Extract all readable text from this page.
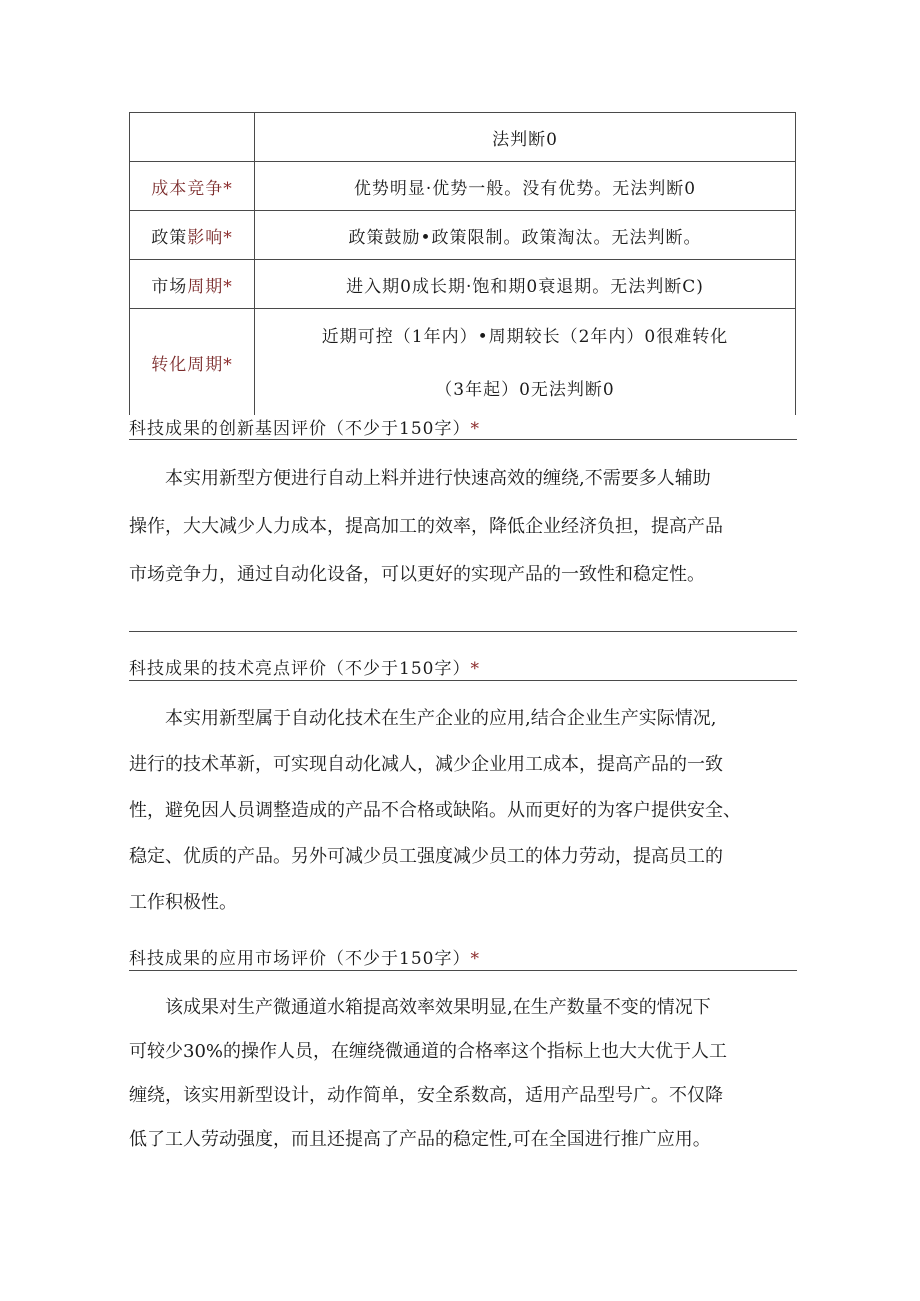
	法判断0
成本竞争*	优势明显·优势一般。没有优势。无法判断0
政策影响*	政策鼓励•政策限制。政策淘汰。无法判断。
市场周期*	进入期0成长期·饱和期0衰退期。无法判断C)
转化周期*	近期可控（1年内）•周期较长（2年内）0很难转化
（3年起）0无法判断0
科技成果的创新基因评价（不少于150字）*
本实用新型方便进行自动上料并进行快速高效的缠绕,不需要多人辅助
操作，大大减少人力成本，提高加工的效率，降低企业经济负担，提高产品
市场竞争力，通过自动化设备，可以更好的实现产品的一致性和稳定性。
科技成果的技术亮点评价（不少于150字）*
本实用新型属于自动化技术在生产企业的应用,结合企业生产实际情况,
进行的技术革新，可实现自动化减人，减少企业用工成本，提高产品的一致
性，避免因人员调整造成的产品不合格或缺陷。从而更好的为客户提供安全、
稳定、优质的产品。另外可减少员工强度减少员工的体力劳动，提高员工的
工作积极性。
科技成果的应用市场评价（不少于150字）*
该成果对生产微通道水箱提高效率效果明显,在生产数量不变的情况下
可较少30%的操作人员，在缠绕微通道的合格率这个指标上也大大优于人工
缠绕，该实用新型设计，动作简单，安全系数高，适用产品型号广。不仅降
低了工人劳动强度，而且还提高了产品的稳定性,可在全国进行推广应用。
